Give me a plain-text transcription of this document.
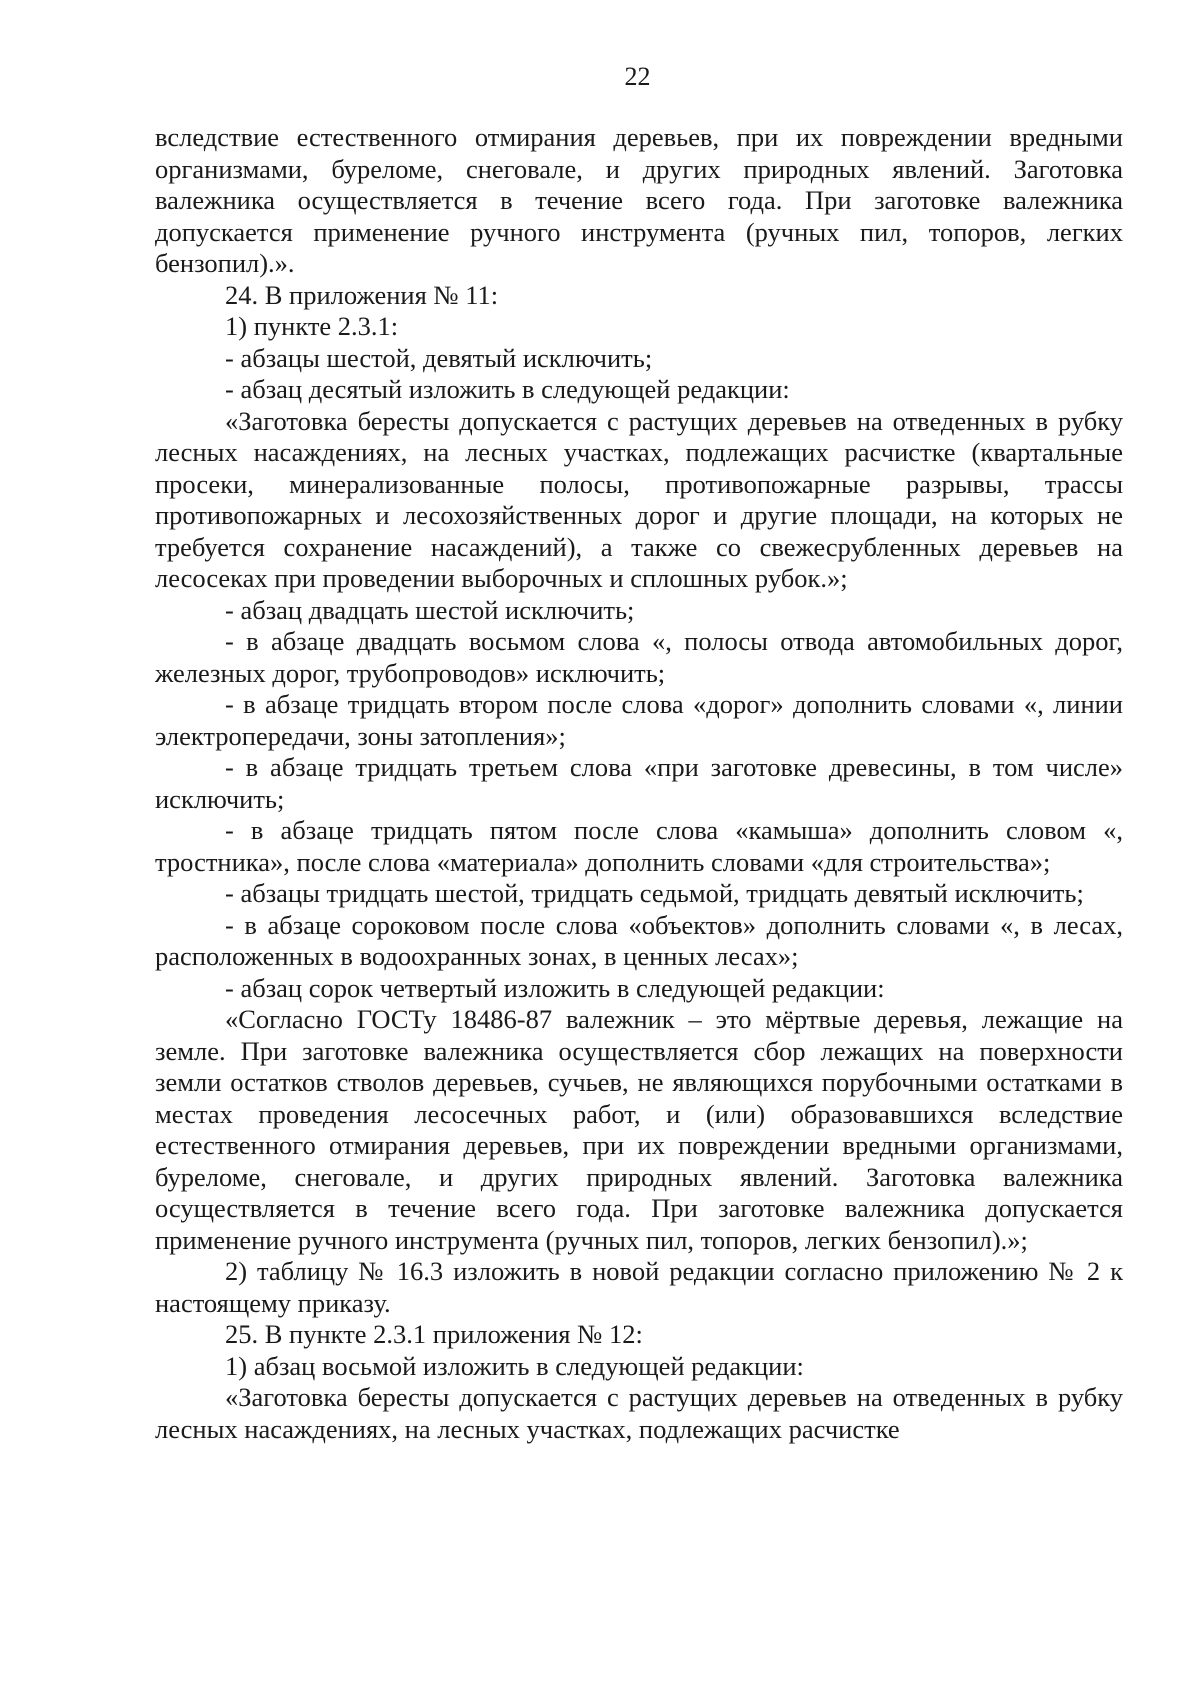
22

вследствие естественного отмирания деревьев, при их повреждении вредными организмами, буреломе, снеговале, и других природных явлений. Заготовка валежника осуществляется в течение всего года. При заготовке валежника допускается применение ручного инструмента (ручных пил, топоров, легких бензопил).».

24. В приложения № 11:

1) пункте 2.3.1:

- абзацы шестой, девятый исключить;

- абзац десятый изложить в следующей редакции:

«Заготовка бересты допускается с растущих деревьев на отведенных в рубку лесных насаждениях, на лесных участках, подлежащих расчистке (квартальные просеки, минерализованные полосы, противопожарные разрывы, трассы противопожарных и лесохозяйственных дорог и другие площади, на которых не требуется сохранение насаждений), а также со свежесрубленных деревьев на лесосеках при проведении выборочных и сплошных рубок.»;

- абзац двадцать шестой исключить;

- в абзаце двадцать восьмом слова «, полосы отвода автомобильных дорог, железных дорог, трубопроводов» исключить;

- в абзаце тридцать втором после слова «дорог» дополнить словами «, линии электропередачи, зоны затопления»;

- в абзаце тридцать третьем слова «при заготовке древесины, в том числе» исключить;

- в абзаце тридцать пятом после слова «камыша» дополнить словом «, тростника», после слова «материала» дополнить словами «для строительства»;

- абзацы тридцать шестой, тридцать седьмой, тридцать девятый исключить;

- в абзаце сороковом после слова «объектов» дополнить словами «, в лесах, расположенных в водоохранных зонах, в ценных лесах»;

- абзац сорок четвертый изложить в следующей редакции:

«Согласно ГОСТу 18486-87 валежник – это мёртвые деревья, лежащие на земле. При заготовке валежника осуществляется сбор лежащих на поверхности земли остатков стволов деревьев, сучьев, не являющихся порубочными остатками в местах проведения лесосечных работ, и (или) образовавшихся вследствие естественного отмирания деревьев, при их повреждении вредными организмами, буреломе, снеговале, и других природных явлений. Заготовка валежника осуществляется в течение всего года. При заготовке валежника допускается применение ручного инструмента (ручных пил, топоров, легких бензопил).»;

2) таблицу № 16.3 изложить в новой редакции согласно приложению № 2 к настоящему приказу.

25. В пункте 2.3.1 приложения № 12:

1) абзац восьмой изложить в следующей редакции:

«Заготовка бересты допускается с растущих деревьев на отведенных в рубку лесных насаждениях, на лесных участках, подлежащих расчистке
